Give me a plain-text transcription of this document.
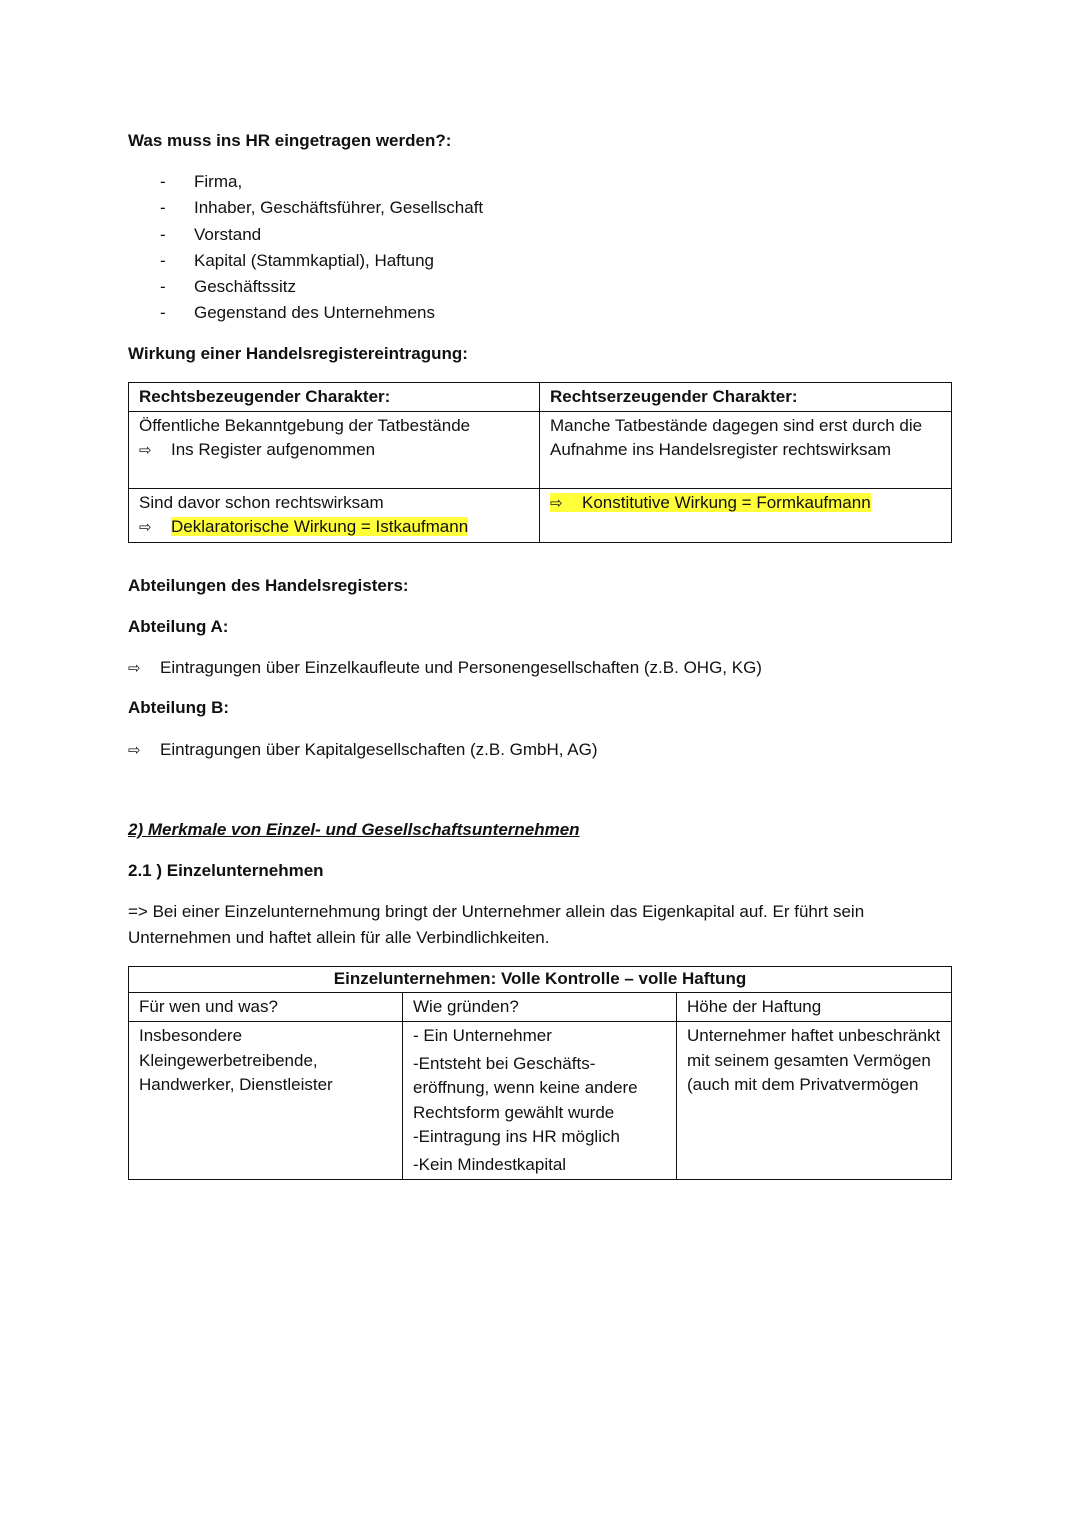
Was muss ins HR eingetragen werden?:
- Firma,
- Inhaber, Geschäftsführer, Gesellschaft
- Vorstand
- Kapital (Stammkaptial), Haftung
- Geschäftssitz
- Gegenstand des Unternehmens
Wirkung einer Handelsregistereintragung:
Rechtsbezeugender Charakter:	Rechtserzeugender Charakter:

Öffentliche Bekanntgebung der Tatbestände
⇨ Ins Register aufgenommen	Manche Tatbestände dagegen sind erst durch die Aufnahme ins Handelsregister rechtswirksam

Sind davor schon rechtswirksam
⇨ Deklaratorische Wirkung = Istkaufmann	⇨ Konstitutive Wirkung = Formkaufmann
Abteilungen des Handelsregisters:
Abteilung A:
⇨ Eintragungen über Einzelkaufleute und Personengesellschaften (z.B. OHG, KG)
Abteilung B:
⇨ Eintragungen über Kapitalgesellschaften (z.B. GmbH, AG)
2) Merkmale von Einzel- und Gesellschaftsunternehmen
2.1 ) Einzelunternehmen
=> Bei einer Einzelunternehmung bringt der Unternehmer allein das Eigenkapital auf. Er führt sein Unternehmen und haftet allein für alle Verbindlichkeiten.
Einzelunternehmen: Volle Kontrolle – volle Haftung		
Für wen und was?	Wie gründen?	Höhe der Haftung
Insbesondere Kleingewerbetreibende, Handwerker, Dienstleister	- Ein Unternehmer
-Entsteht bei Geschäfts-eröffnung, wenn keine andere Rechtsform gewählt wurde
-Eintragung ins HR möglich
-Kein Mindestkapital	Unternehmer haftet unbeschränkt mit seinem gesamten Vermögen (auch mit dem Privatvermögen
